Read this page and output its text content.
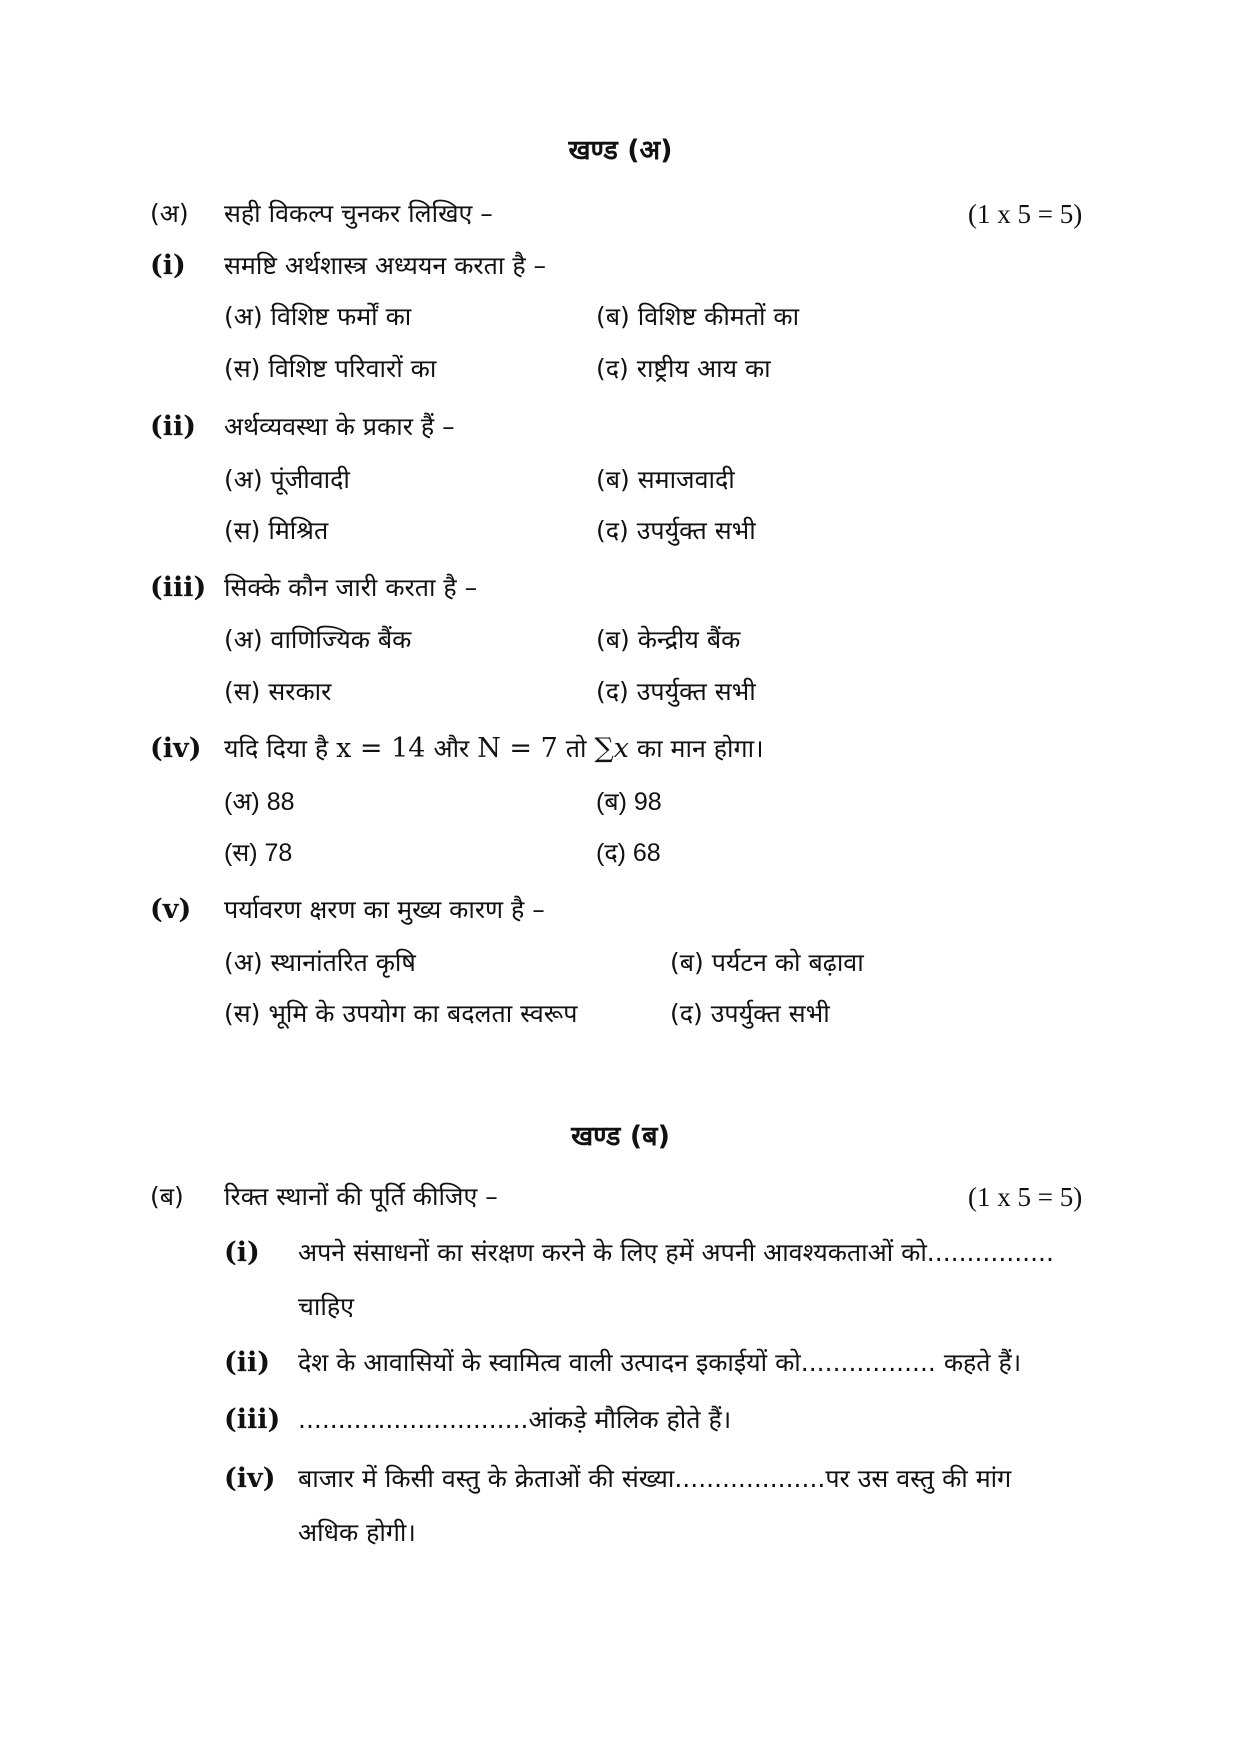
खण्ड (अ)
(अ) सही विकल्प चुनकर लिखिए –	(1 x 5 = 5)
(i) समष्टि अर्थशास्त्र अध्ययन करता है –
(अ) विशिष्ट फर्मों का	(ब) विशिष्ट कीमतों का
(स) विशिष्ट परिवारों का	(द) राष्ट्रीय आय का
(ii) अर्थव्यवस्था के प्रकार हैं –
(अ) पूंजीवादी	(ब) समाजवादी
(स) मिश्रित	(द) उपर्युक्त सभी
(iii) सिक्के कौन जारी करता है –
(अ) वाणिज्यिक बैंक	(ब) केन्द्रीय बैंक
(स) सरकार	(द) उपर्युक्त सभी
(iv) यदि दिया है x = 14 और N = 7 तो ∑x का मान होगा।
(अ) 88	(ब) 98
(स) 78	(द) 68
(v) पर्यावरण क्षरण का मुख्य कारण है –
(अ) स्थानांतरित कृषि	(ब) पर्यटन को बढ़ावा
(स) भूमि के उपयोग का बदलता स्वरूप	(द) उपर्युक्त सभी
खण्ड (ब)
(ब) रिक्त स्थानों की पूर्ति कीजिए –	(1 x 5 = 5)
(i) अपने संसाधनों का संरक्षण करने के लिए हमें अपनी आवश्यकताओं को................
चाहिए
(ii) देश के आवासियों के स्वामित्व वाली उत्पादन इकाईयों को................. कहते हैं।
(iii) .............................आंकड़े मौलिक होते हैं।
(iv) बाजार में किसी वस्तु के क्रेताओं की संख्या...................पर उस वस्तु की मांग
अधिक होगी।
